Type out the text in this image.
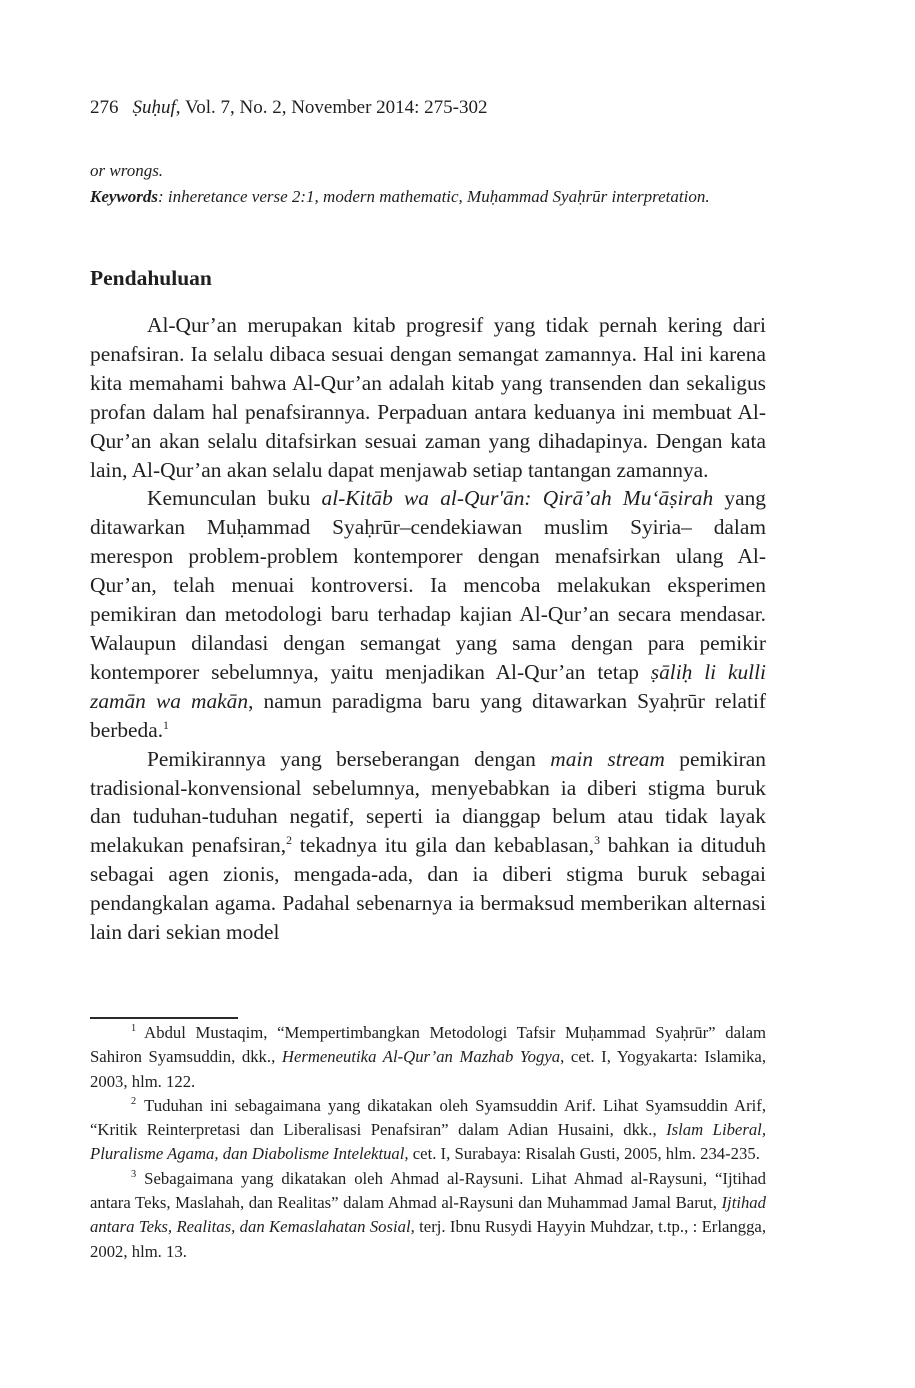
276 Ṣuḥuf, Vol. 7, No. 2, November 2014: 275-302

or wrongs.

Keywords: inheretance verse 2:1, modern mathematic, Muḥammad Syaḥrūr interpretation.

Pendahuluan

Al-Qur’an merupakan kitab progresif yang tidak pernah kering dari penafsiran. Ia selalu dibaca sesuai dengan semangat zamannya. Hal ini karena kita memahami bahwa Al-Qur’an adalah kitab yang transenden dan sekaligus profan dalam hal penafsirannya. Perpaduan antara keduanya ini membuat Al-Qur’an akan selalu ditafsirkan sesuai zaman yang dihadapinya. Dengan kata lain, Al-Qur’an akan selalu dapat menjawab setiap tantangan zamannya.

Kemunculan buku al-Kitāb wa al-Qur'ān: Qirā’ah Mu‘āṣirah yang ditawarkan Muḥammad Syaḥrūr–cendekiawan muslim Syiria– dalam merespon problem-problem kontemporer dengan menafsirkan ulang Al-Qur’an, telah menuai kontroversi. Ia mencoba melakukan eksperimen pemikiran dan metodologi baru terhadap kajian Al-Qur’an secara mendasar. Walaupun dilandasi dengan semangat yang sama dengan para pemikir kontemporer sebelumnya, yaitu menjadikan Al-Qur’an tetap ṣāliḥ li kulli zamān wa makān, namun paradigma baru yang ditawarkan Syaḥrūr relatif berbeda.$^1$

Pemikirannya yang berseberangan dengan main stream pemikiran tradisional-konvensional sebelumnya, menyebabkan ia diberi stigma buruk dan tuduhan-tuduhan negatif, seperti ia dianggap belum atau tidak layak melakukan penafsiran,$^2$ tekadnya itu gila dan kebablasan,$^3$ bahkan ia dituduh sebagai agen zionis, mengada-ada, dan ia diberi stigma buruk sebagai pendangkalan agama. Padahal sebenarnya ia bermaksud memberikan alternasi lain dari sekian model

$^1$ Abdul Mustaqim, “Mempertimbangkan Metodologi Tafsir Muḥammad Syaḥrūr” dalam Sahiron Syamsuddin, dkk., Hermeneutika Al-Qur’an Mazhab Yogya, cet. I, Yogyakarta: Islamika, 2003, hlm. 122.

$^2$ Tuduhan ini sebagaimana yang dikatakan oleh Syamsuddin Arif. Lihat Syamsuddin Arif, “Kritik Reinterpretasi dan Liberalisasi Penafsiran” dalam Adian Husaini, dkk., Islam Liberal, Pluralisme Agama, dan Diabolisme Intelektual, cet. I, Surabaya: Risalah Gusti, 2005, hlm. 234-235.

$^3$ Sebagaimana yang dikatakan oleh Ahmad al-Raysuni. Lihat Ahmad al-Raysuni, “Ijtihad antara Teks, Maslahah, dan Realitas” dalam Ahmad al-Raysuni dan Muhammad Jamal Barut, Ijtihad antara Teks, Realitas, dan Kemaslahatan Sosial, terj. Ibnu Rusydi Hayyin Muhdzar, t.tp., : Erlangga, 2002, hlm. 13.
